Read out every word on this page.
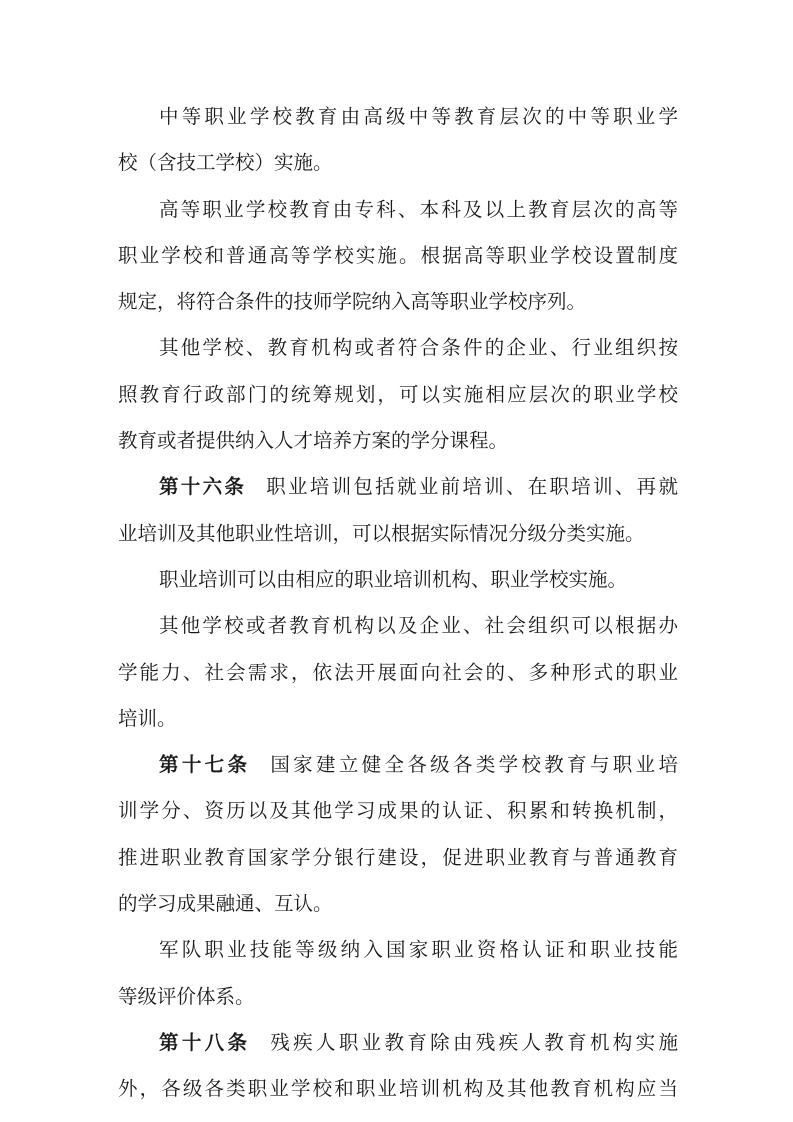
中等职业学校教育由高级中等教育层次的中等职业学
校（含技工学校）实施。
高等职业学校教育由专科、本科及以上教育层次的高等
职业学校和普通高等学校实施。根据高等职业学校设置制度
规定，将符合条件的技师学院纳入高等职业学校序列。
其他学校、教育机构或者符合条件的企业、行业组织按
照教育行政部门的统筹规划，可以实施相应层次的职业学校
教育或者提供纳入人才培养方案的学分课程。
第十六条 职业培训包括就业前培训、在职培训、再就
业培训及其他职业性培训，可以根据实际情况分级分类实施。
职业培训可以由相应的职业培训机构、职业学校实施。
其他学校或者教育机构以及企业、社会组织可以根据办
学能力、社会需求，依法开展面向社会的、多种形式的职业
培训。
第十七条 国家建立健全各级各类学校教育与职业培
训学分、资历以及其他学习成果的认证、积累和转换机制，
推进职业教育国家学分银行建设，促进职业教育与普通教育
的学习成果融通、互认。
军队职业技能等级纳入国家职业资格认证和职业技能
等级评价体系。
第十八条 残疾人职业教育除由残疾人教育机构实施
外，各级各类职业学校和职业培训机构及其他教育机构应当
